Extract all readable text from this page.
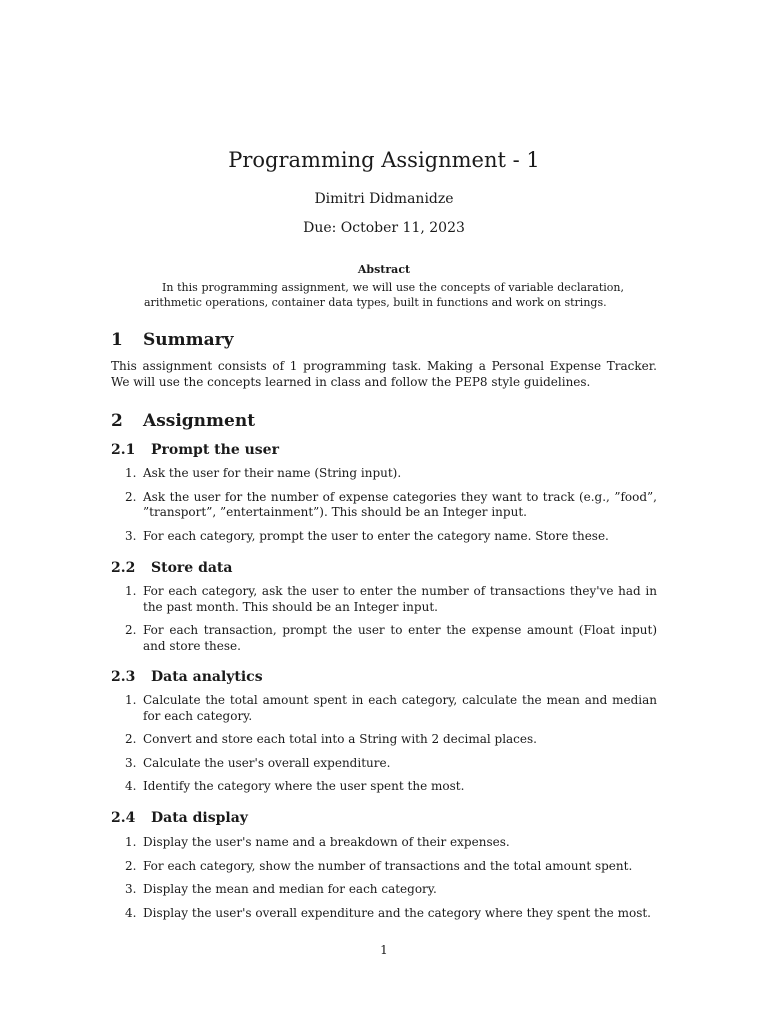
Programming Assignment - 1
Dimitri Didmanidze
Due: October 11, 2023
Abstract
In this programming assignment, we will use the concepts of variable declaration, arithmetic operations, container data types, built in functions and work on strings.
1 Summary
This assignment consists of 1 programming task. Making a Personal Expense Tracker. We will use the concepts learned in class and follow the PEP8 style guidelines.
2 Assignment
2.1 Prompt the user
1. Ask the user for their name (String input).
2. Ask the user for the number of expense categories they want to track (e.g., ”food”, ”transport”, ”entertainment”). This should be an Integer input.
3. For each category, prompt the user to enter the category name. Store these.
2.2 Store data
1. For each category, ask the user to enter the number of transactions they've had in the past month. This should be an Integer input.
2. For each transaction, prompt the user to enter the expense amount (Float input) and store these.
2.3 Data analytics
1. Calculate the total amount spent in each category, calculate the mean and median for each category.
2. Convert and store each total into a String with 2 decimal places.
3. Calculate the user's overall expenditure.
4. Identify the category where the user spent the most.
2.4 Data display
1. Display the user's name and a breakdown of their expenses.
2. For each category, show the number of transactions and the total amount spent.
3. Display the mean and median for each category.
4. Display the user's overall expenditure and the category where they spent the most.
1
